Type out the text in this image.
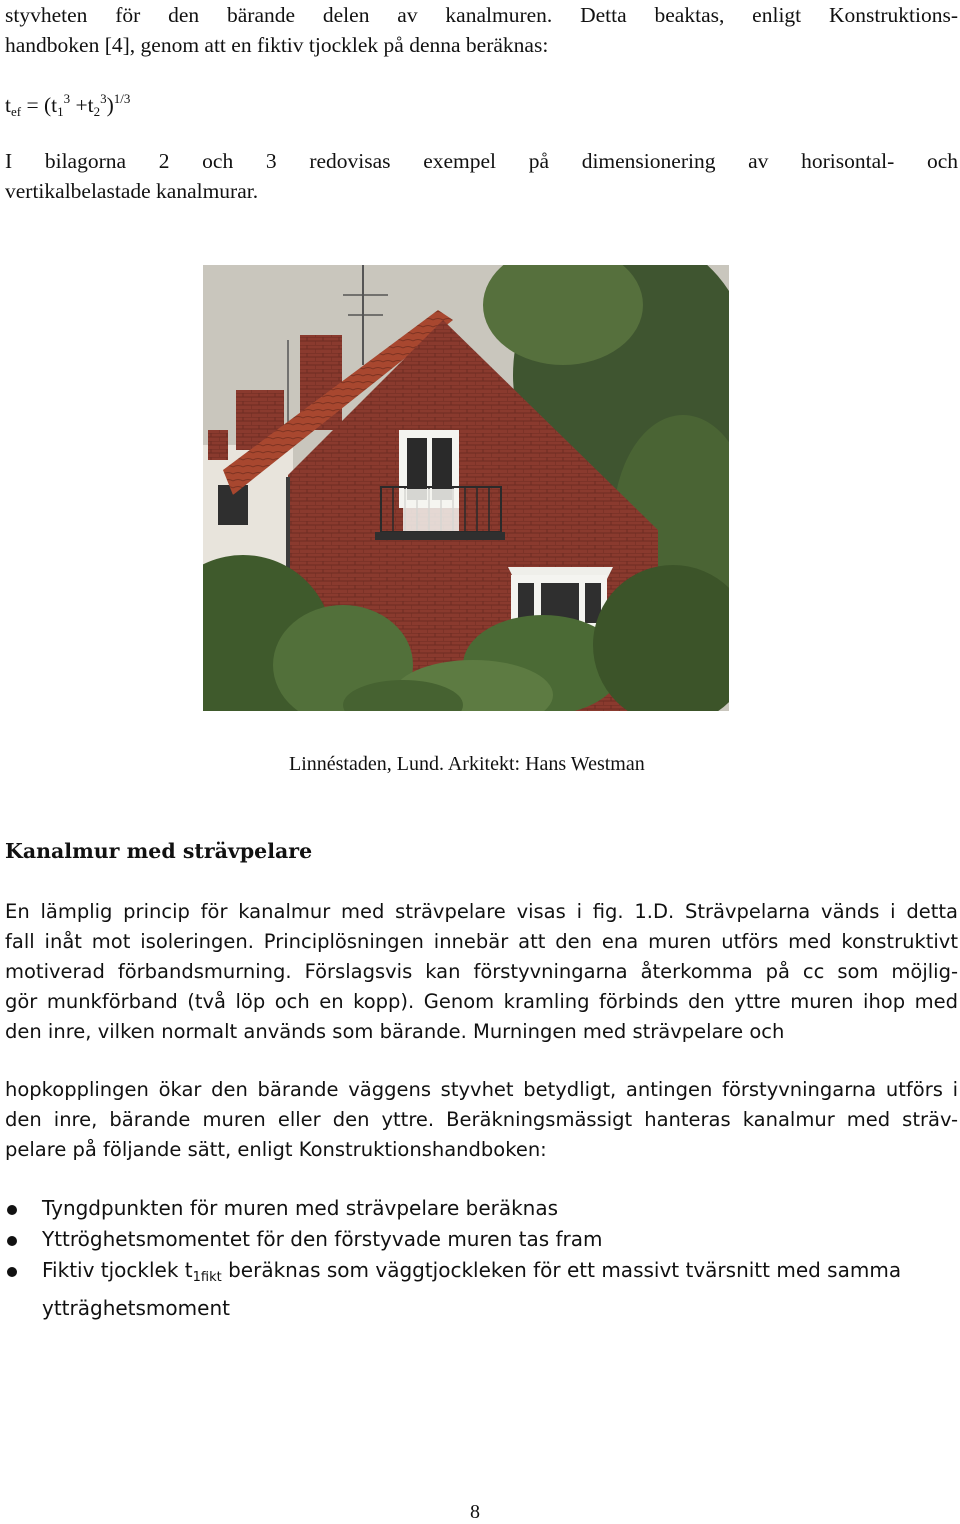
styvheten för den bärande delen av kanalmuren. Detta beaktas, enligt Konstruktions-

handboken [4], genom att en fiktiv tjocklek på denna beräknas:

$t_{ef} = (t_1^3 +t_2^3)^{1/3}$

I bilagorna 2 och 3 redovisas exempel på dimensionering av horisontal- och

vertikalbelastade kanalmurar.

Linnéstaden, Lund. Arkitekt: Hans Westman
Kanalmur med strävpelare

En lämplig princip för kanalmur med strävpelare visas i fig. 1.D. Strävpelarna vänds i detta

fall inåt mot isoleringen. Principlösningen innebär att den ena muren utförs med konstruktivt

motiverad förbandsmurning. Förslagsvis kan förstyvningarna återkomma på cc som möjlig-

gör munkförband (två löp och en kopp). Genom kramling förbinds den yttre muren ihop med

den inre, vilken normalt används som bärande. Murningen med strävpelare och

hopkopplingen ökar den bärande väggens styvhet betydligt, antingen förstyvningarna utförs i

den inre, bärande muren eller den yttre. Beräkningsmässigt hanteras kanalmur med sträv-

pelare på följande sätt, enligt Konstruktionshandboken:

Tyngdpunkten för muren med strävpelare beräknas
Yttröghetsmomentet för den förstyvade muren tas fram
Fiktiv tjocklek $t_{1fikt}$ beräknas som väggtjockleken för ett massivt tvärsnitt med samma
ytträghetsmoment
8
